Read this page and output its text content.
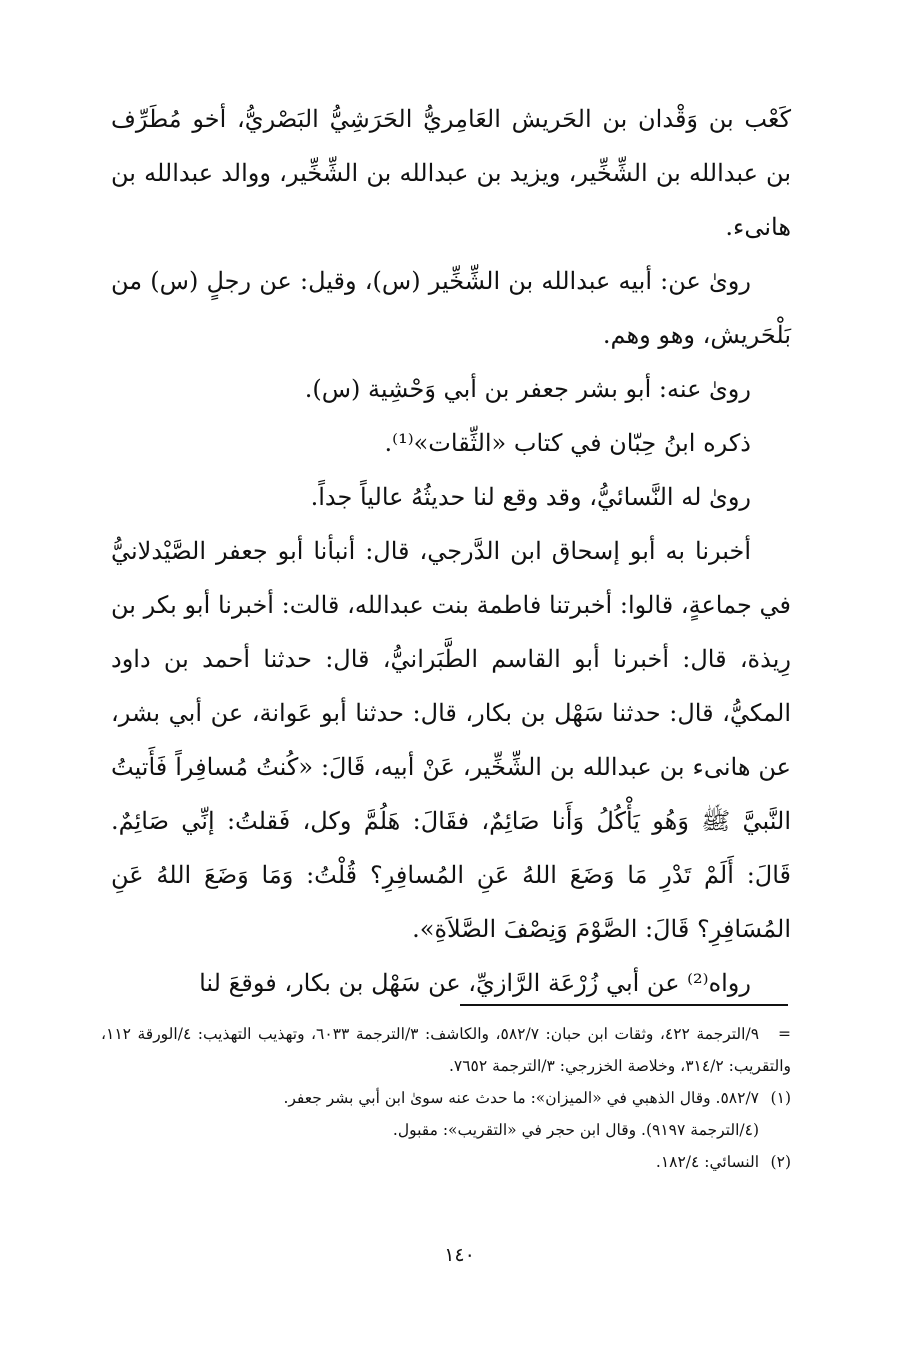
كَعْب بن وَقْدان بن الحَريش العَامِريُّ الحَرَشِيُّ البَصْريُّ، أخو مُطَرِّف بن عبدالله بن الشِّخِّير، ويزيد بن عبدالله بن الشِّخِّير، ووالد عبدالله بن هانىء.

روىٰ عن: أبيه عبدالله بن الشِّخِّير (س)، وقيل: عن رجلٍ (س) من بَلْحَريش، وهو وهم.

روىٰ عنه: أبو بشر جعفر بن أبي وَحْشِية (س).

ذكره ابنُ حِبّان في كتاب «الثِّقات»⁽¹⁾.

روىٰ له النَّسائيُّ، وقد وقع لنا حديثُهُ عالياً جداً.

أخبرنا به أبو إسحاق ابن الدَّرجي، قال: أنبأنا أبو جعفر الصَّيْدلانيُّ في جماعةٍ، قالوا: أخبرتنا فاطمة بنت عبدالله، قالت: أخبرنا أبو بكر بن رِيذة، قال: أخبرنا أبو القاسم الطَّبَرانيُّ، قال: حدثنا أحمد بن داود المكيُّ، قال: حدثنا سَهْل بن بكار، قال: حدثنا أبو عَوانة، عن أبي بشر، عن هانىء بن عبدالله بن الشِّخِّير، عَنْ أبيه، قَالَ: «كُنتُ مُسافِراً فَأَتيتُ النَّبيَّ ﷺ وَهُو يَأْكُلُ وَأَنا صَائِمٌ، فقَالَ: هَلُمَّ وكل، فَقلتُ: إنِّي صَائِمٌ. قَالَ: أَلَمْ تَدْرِ مَا وَضَعَ اللهُ عَنِ المُسافِرِ؟ قُلْتُ: وَمَا وَضَعَ اللهُ عَنِ المُسَافِرِ؟ قَالَ: الصَّوْمَ وَنِصْفَ الصَّلاَةِ».

رواه⁽²⁾ عن أبي زُرْعَة الرَّازيِّ، عن سَهْل بن بكار، فوقعَ لنا

=٩/الترجمة ٤٢٢، وثقات ابن حبان: ٥٨٢/٧، والكاشف: ٣/الترجمة ٦٠٣٣، وتهذيب التهذيب: ٤/الورقة ١١٢، والتقريب: ٣١٤/٢، وخلاصة الخزرجي: ٣/الترجمة ٧٦٥٢.

(١)٥٨٢/٧. وقال الذهبي في «الميزان»: ما حدث عنه سوىٰ ابن أبي بشر جعفر.

(٤/الترجمة ٩١٩٧). وقال ابن حجر في «التقريب»: مقبول.

(٢)النسائي: ١٨٢/٤.

١٤٠
